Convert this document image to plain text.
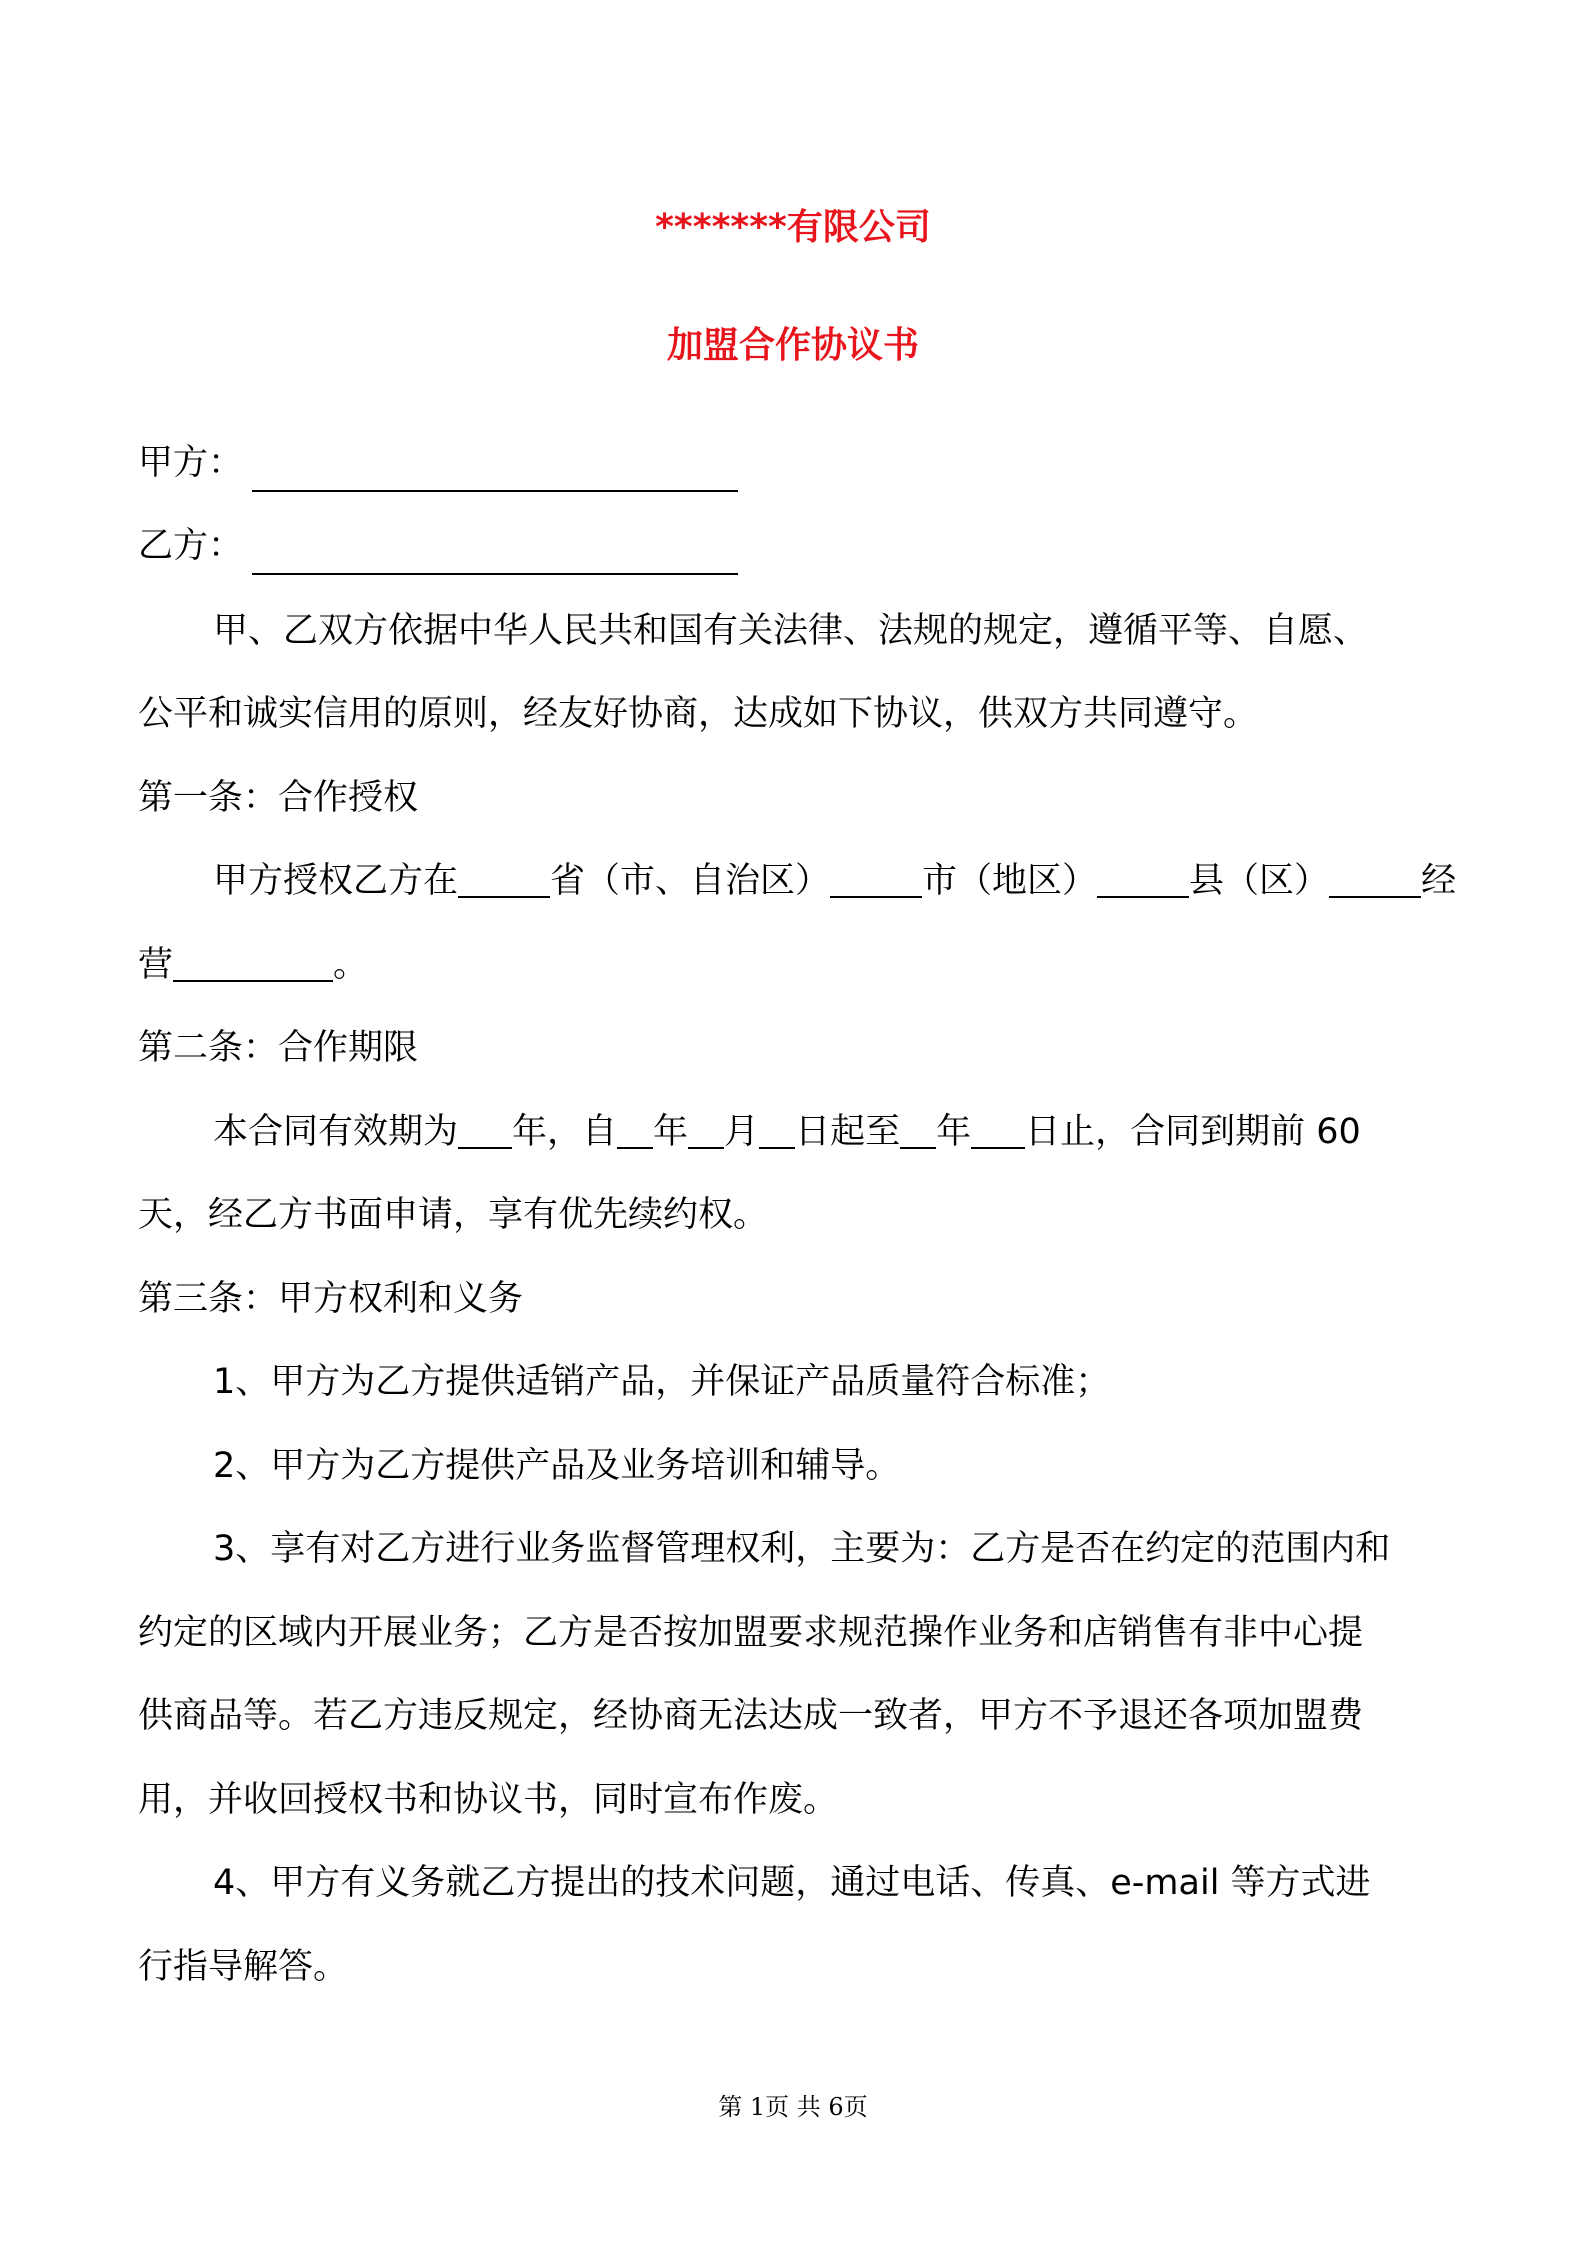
*******有限公司
加盟合作协议书
甲方：
乙方：
甲、乙双方依据中华人民共和国有关法律、法规的规定，遵循平等、自愿、
公平和诚实信用的原则，经友好协商，达成如下协议，供双方共同遵守。
第一条：合作授权
甲方授权乙方在	省（市、自治区）	市（地区）	县（区）	经
营	。
第二条：合作期限
本合同有效期为 年，自 年 月 日起至 年 日止，合同到期前 60
天，经乙方书面申请，享有优先续约权。
第三条：甲方权利和义务
1、甲方为乙方提供适销产品，并保证产品质量符合标准；
2、甲方为乙方提供产品及业务培训和辅导。
3、享有对乙方进行业务监督管理权利，主要为：乙方是否在约定的范围内和
约定的区域内开展业务；乙方是否按加盟要求规范操作业务和店销售有非中心提
供商品等。若乙方违反规定，经协商无法达成一致者，甲方不予退还各项加盟费
用，并收回授权书和协议书，同时宣布作废。
4、甲方有义务就乙方提出的技术问题，通过电话、传真、e-mail 等方式进
行指导解答。
第 1页 共 6页
